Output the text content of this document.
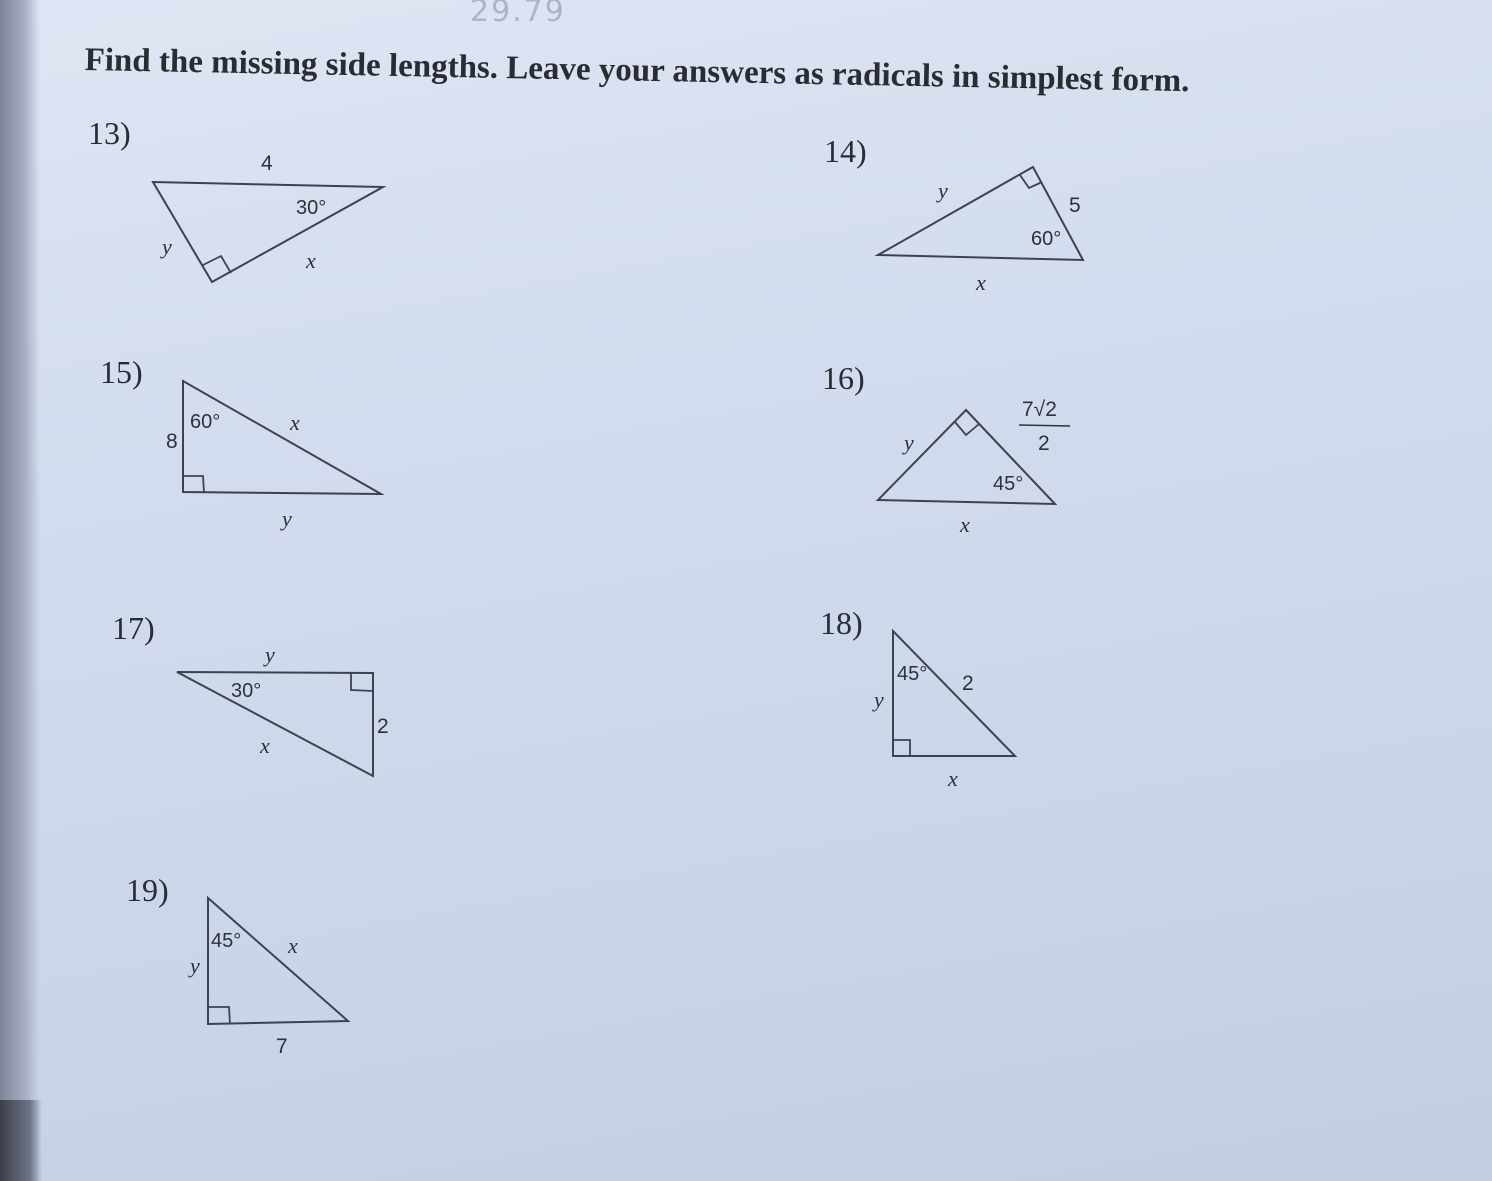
29.79
Find the missing side lengths. Leave your answers as radicals in simplest form.
13)	14)
15)	16)
17)	18)
19)
4
30°
y
x
y
5
60°
x
60°
8
x
y
y
7√2
2
45°
x
y
30°
x
2
45° 2
y
x
45° x
y
7
